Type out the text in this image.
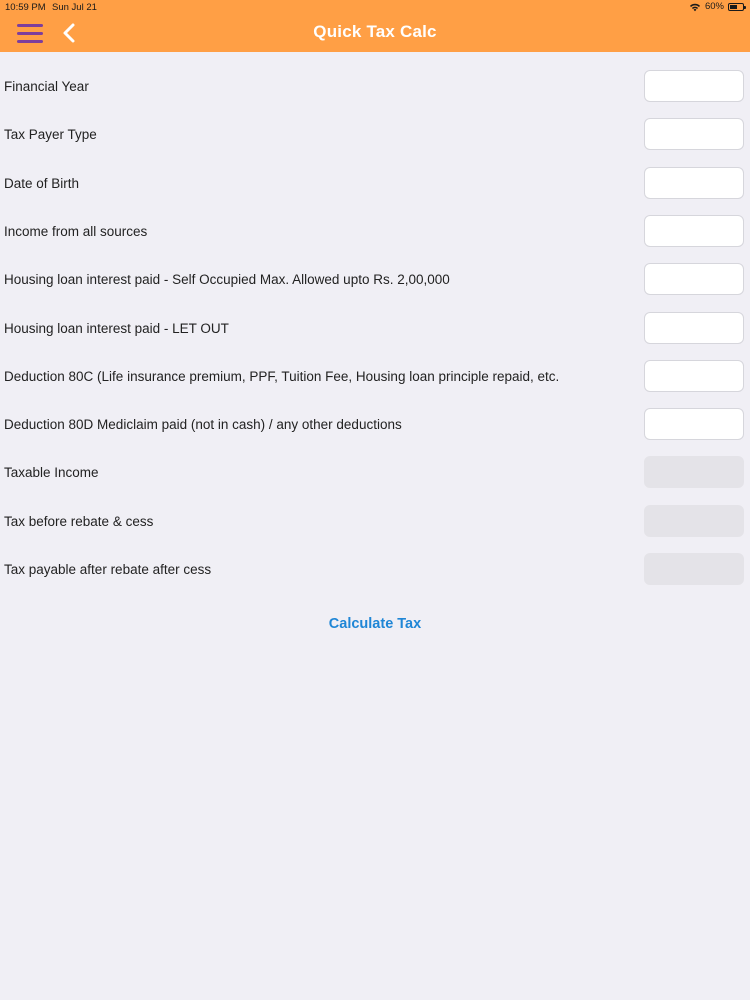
10:59 PM Sun Jul 21	60%
Quick Tax Calc
Financial Year
Tax Payer Type
Date of Birth
Income from all sources
Housing loan interest paid - Self Occupied Max. Allowed upto Rs. 2,00,000
Housing loan interest paid - LET OUT
Deduction 80C (Life insurance premium, PPF, Tuition Fee, Housing loan principle repaid, etc.
Deduction 80D Mediclaim paid (not in cash) / any other deductions
Taxable Income
Tax before rebate & cess
Tax payable after rebate after cess
Calculate Tax
